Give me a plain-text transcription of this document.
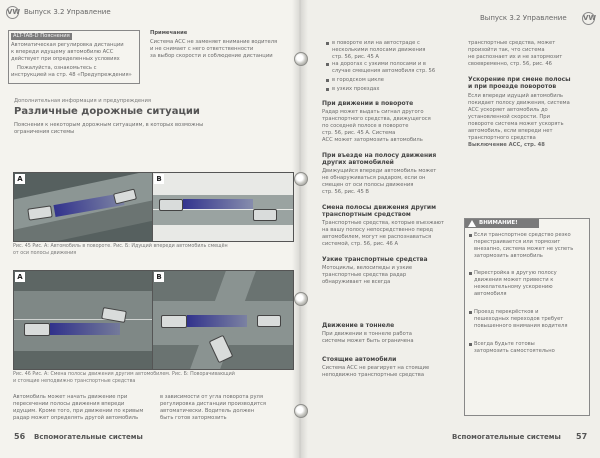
VW Выпуск 3.2 Управление
ALT-TAB-D Пояснения
Автоматическая регулировка дистанции
к впереди идущему автомобилю ACC
действует при определенных условиях
Пожалуйста, ознакомьтесь с
инструкцией на стр. 48 «Предупреждения»
Примечание
Система ACC не заменяет внимание водителя
и не снимает с него ответственности
за выбор скорости и соблюдение дистанции
Дополнительная информация и предупреждения
Различные дорожные ситуации
Пояснения к некоторым дорожным ситуациям, в которых возможны
ограничения системы
A	B
Рис. 45 Рис. А: Автомобиль в повороте. Рис. Б: Идущий впереди автомобиль смещён
от оси полосы движения
A	B
Рис. 46 Рис. А: Смена полосы движения другим автомобилем. Рис. Б: Поворачивающий
и стоящие неподвижно транспортные средства
Автомобиль может начать движение при
пересечении полосы движения впереди
идущим. Кроме того, при движении по кривым
радар может определять другой автомобиль
в зависимости от угла поворота руля
регулировка дистанции производится
автоматически. Водитель должен
быть готов затормозить
56 Вспомогательные системы
Выпуск 3.2 Управление VW
в повороте или на автостраде с
несколькими полосами движения
стр. 56, рис. 45 A
на дорогах с узкими полосами и в
случае смещения автомобиля стр. 56
в городском цикле
в узких проездах
При движении в повороте
Радар может выдать сигнал другого
транспортного средства, движущегося
по соседней полосе в повороте
стр. 56, рис. 45 A. Система
ACC может затормозить автомобиль
При въезде на полосу движения
других автомобилей
Движущийся впереди автомобиль может
не обнаруживаться радаром, если он
смещен от оси полосы движения
стр. 56, рис. 45 B
Смена полосы движения другим
транспортным средством
Транспортные средства, которые въезжают
на вашу полосу непосредственно перед
автомобилем, могут не распознаваться
системой, стр. 56, рис. 46 A
Узкие транспортные средства
Мотоциклы, велосипеды и узкие
транспортные средства радар
обнаруживает не всегда
Движение в тоннеле
При движении в тоннеле работа
системы может быть ограничена
Стоящие автомобили
Система ACC не реагирует на стоящие
неподвижно транспортные средства
транспортные средства, может
произойти так, что система
не распознает их и не затормозит
своевременно, стр. 56, рис. 46
Ускорение при смене полосы
и при проезде поворотов
Если впереди идущий автомобиль
покидает полосу движения, система
ACC ускоряет автомобиль до
установленной скорости. При
повороте система может ускорять
автомобиль, если впереди нет
транспортного средства
Выключение ACC, стр. 48
ВНИМАНИЕ!
Если транспортное средство резко
перестраивается или тормозит
внезапно, система может не успеть
затормозить автомобиль
Перестройка в другую полосу
движения может привести к
нежелательному ускорению
автомобиля
Проезд перекрёстков и
пешеходных переходов требует
повышенного внимания водителя
Всегда будьте готовы
затормозить самостоятельно
Вспомогательные системы 57
